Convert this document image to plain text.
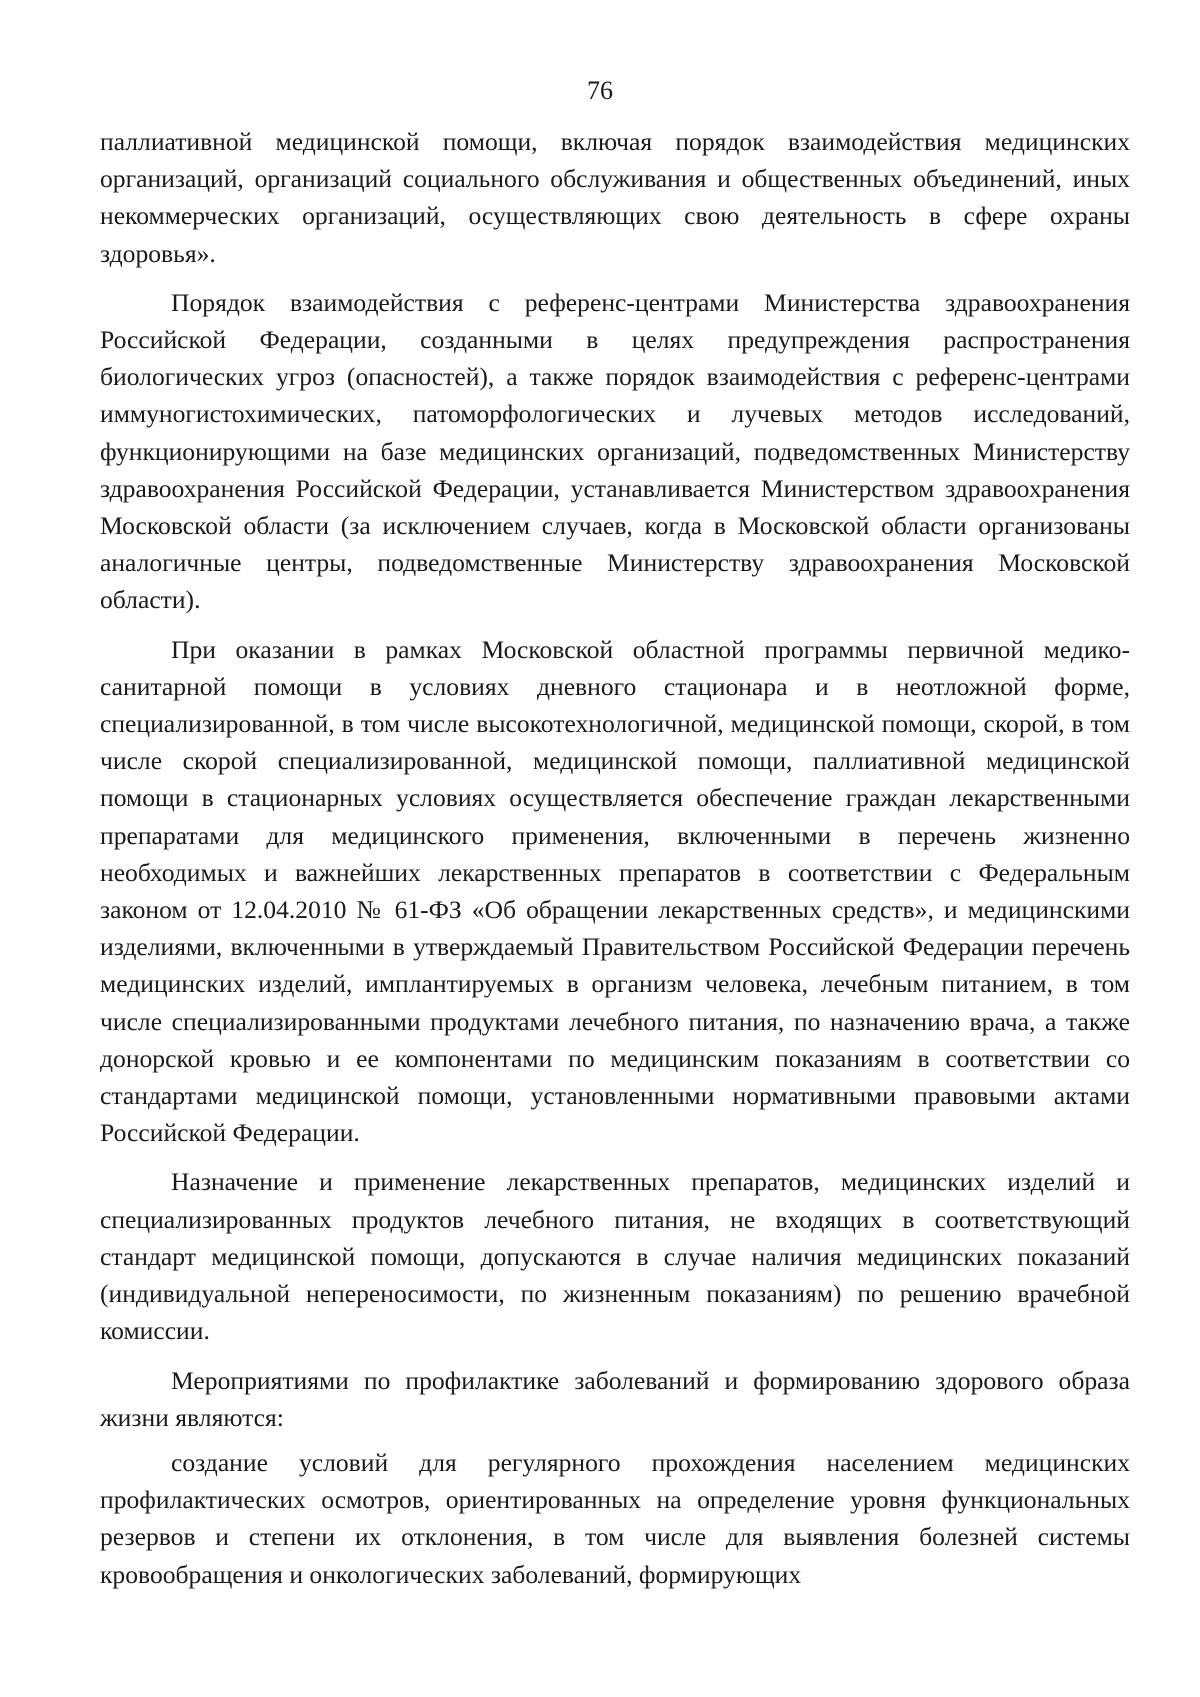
76

паллиативной медицинской помощи, включая порядок взаимодействия медицинских организаций, организаций социального обслуживания и общественных объединений, иных некоммерческих организаций, осуществляющих свою деятельность в сфере охраны здоровья».

Порядок взаимодействия с референс-центрами Министерства здравоохранения Российской Федерации, созданными в целях предупреждения распространения биологических угроз (опасностей), а также порядок взаимодействия с референс-центрами иммуногистохимических, патоморфологических и лучевых методов исследований, функционирующими на базе медицинских организаций, подведомственных Министерству здравоохранения Российской Федерации, устанавливается Министерством здравоохранения Московской области (за исключением случаев, когда в Московской области организованы аналогичные центры, подведомственные Министерству здравоохранения Московской области).

При оказании в рамках Московской областной программы первичной медико-санитарной помощи в условиях дневного стационара и в неотложной форме, специализированной, в том числе высокотехнологичной, медицинской помощи, скорой, в том числе скорой специализированной, медицинской помощи, паллиативной медицинской помощи в стационарных условиях осуществляется обеспечение граждан лекарственными препаратами для медицинского применения, включенными в перечень жизненно необходимых и важнейших лекарственных препаратов в соответствии с Федеральным законом от 12.04.2010 № 61-ФЗ «Об обращении лекарственных средств», и медицинскими изделиями, включенными в утверждаемый Правительством Российской Федерации перечень медицинских изделий, имплантируемых в организм человека, лечебным питанием, в том числе специализированными продуктами лечебного питания, по назначению врача, а также донорской кровью и ее компонентами по медицинским показаниям в соответствии со стандартами медицинской помощи, установленными нормативными правовыми актами Российской Федерации.

Назначение и применение лекарственных препаратов, медицинских изделий и специализированных продуктов лечебного питания, не входящих в соответствующий стандарт медицинской помощи, допускаются в случае наличия медицинских показаний (индивидуальной непереносимости, по жизненным показаниям) по решению врачебной комиссии.

Мероприятиями по профилактике заболеваний и формированию здорового образа жизни являются:

создание условий для регулярного прохождения населением медицинских профилактических осмотров, ориентированных на определение уровня функциональных резервов и степени их отклонения, в том числе для выявления болезней системы кровообращения и онкологических заболеваний, формирующих
